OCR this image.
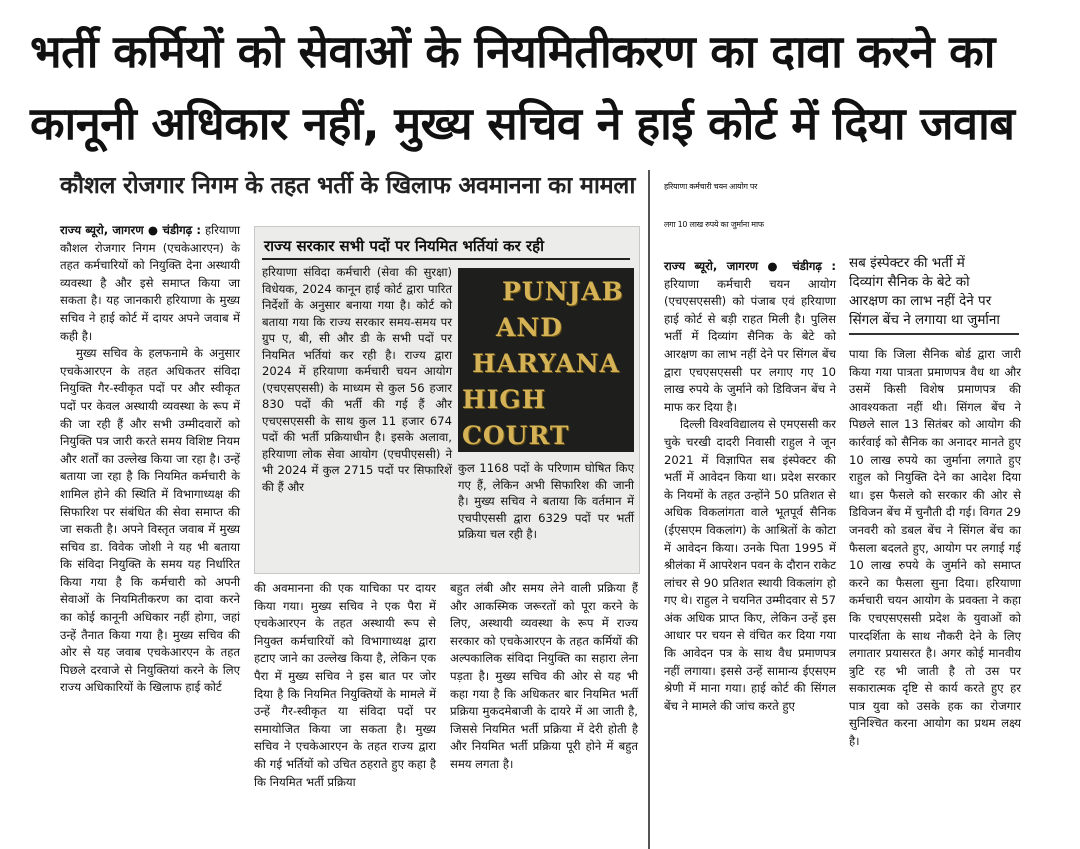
भर्ती कर्मियों को सेवाओं के नियमितीकरण का दावा करने का
कानूनी अधिकार नहीं, मुख्य सचिव ने हाई कोर्ट में दिया जवाब
कौशल रोजगार निगम के तहत भर्ती के खिलाफ अवमानना का मामला

राज्य ब्यूरो, जागरण ● चंडीगढ़ : हरियाणा कौशल रोजगार निगम (एचकेआरएन) के तहत कर्मचारियों को नियुक्ति देना अस्थायी व्यवस्था है और इसे समाप्त किया जा सकता है। यह जानकारी हरियाणा के मुख्य सचिव ने हाई कोर्ट में दायर अपने जवाब में कही है।

मुख्य सचिव के हलफनामे के अनुसार एचकेआरएन के तहत अधिकतर संविदा नियुक्ति गैर-स्वीकृत पदों पर और स्वीकृत पदों पर केवल अस्थायी व्यवस्था के रूप में की जा रही हैं और सभी उम्मीदवारों को नियुक्ति पत्र जारी करते समय विशिष्ट नियम और शर्तों का उल्लेख किया जा रहा है। उन्हें बताया जा रहा है कि नियमित कर्मचारी के शामिल होने की स्थिति में विभागाध्यक्ष की सिफारिश पर संबंधित की सेवा समाप्त की जा सकती है। अपने विस्तृत जवाब में मुख्य सचिव डा. विवेक जोशी ने यह भी बताया कि संविदा नियुक्ति के समय यह निर्धारित किया गया है कि कर्मचारी को अपनी सेवाओं के नियमितीकरण का दावा करने का कोई कानूनी अधिकार नहीं होगा, जहां उन्हें तैनात किया गया है। मुख्य सचिव की ओर से यह जवाब एचकेआरएन के तहत पिछले दरवाजे से नियुक्तियां करने के लिए राज्य अधिकारियों के खिलाफ हाई कोर्ट

की अवमानना की एक याचिका पर दायर किया गया। मुख्य सचिव ने एक पैरा में एचकेआरएन के तहत अस्थायी रूप से नियुक्त कर्मचारियों को विभागाध्यक्ष द्वारा हटाए जाने का उल्लेख किया है, लेकिन एक पैरा में मुख्य सचिव ने इस बात पर जोर दिया है कि नियमित नियुक्तियों के मामले में उन्हें गैर-स्वीकृत या संविदा पदों पर समायोजित किया जा सकता है। मुख्य सचिव ने एचकेआरएन के तहत राज्य द्वारा की गई भर्तियों को उचित ठहराते हुए कहा है कि नियमित भर्ती प्रक्रिया

बहुत लंबी और समय लेने वाली प्रक्रिया हैं और आकस्मिक जरूरतों को पूरा करने के लिए, अस्थायी व्यवस्था के रूप में राज्य सरकार को एचकेआरएन के तहत कर्मियों की अल्पकालिक संविदा नियुक्ति का सहारा लेना पड़ता है। मुख्य सचिव की ओर से यह भी कहा गया है कि अधिकतर बार नियमित भर्ती प्रक्रिया मुकदमेबाजी के दायरे में आ जाती है, जिससे नियमित भर्ती प्रक्रिया में देरी होती है और नियमित भर्ती प्रक्रिया पूरी होने में बहुत समय लगता है।

राज्य सरकार सभी पदों पर नियमित भर्तियां कर रही
हरियाणा संविदा कर्मचारी (सेवा की सुरक्षा) विधेयक, 2024 कानून हाई कोर्ट द्वारा पारित निर्देशों के अनुसार बनाया गया है। कोर्ट को बताया गया कि राज्य सरकार समय-समय पर ग्रुप ए, बी, सी और डी के सभी पदों पर नियमित भर्तियां कर रही है। राज्य द्वारा 2024 में हरियाणा कर्मचारी चयन आयोग (एचएसएससी) के माध्यम से कुल 56 हजार 830 पदों की भर्ती की गई हैं और एचएसएससी के साथ कुल 11 हजार 674 पदों की भर्ती प्रक्रियाधीन है। इसके अलावा, हरियाणा लोक सेवा आयोग (एचपीएससी) ने भी 2024 में कुल 2715 पदों पर सिफारिशें की हैं और
PUNJAB
AND
HARYANA
HIGH COURT
कुल 1168 पदों के परिणाम घोषित किए गए हैं, लेकिन अभी सिफारिश की जानी है। मुख्य सचिव ने बताया कि वर्तमान में एचपीएससी द्वारा 6329 पदों पर भर्ती प्रक्रिया चल रही है।
हरियाणा कर्मचारी चयन आयोग पर
लगा 10 लाख रुपये का जुर्माना माफ

राज्य ब्यूरो, जागरण ● चंडीगढ़ : हरियाणा कर्मचारी चयन आयोग (एचएसएससी) को पंजाब एवं हरियाणा हाई कोर्ट से बड़ी राहत मिली है। पुलिस भर्ती में दिव्यांग सैनिक के बेटे को आरक्षण का लाभ नहीं देने पर सिंगल बेंच द्वारा एचएसएससी पर लगाए गए 10 लाख रुपये के जुर्माने को डिविजन बेंच ने माफ कर दिया है।

दिल्ली विश्वविद्यालय से एमएससी कर चुके चरखी दादरी निवासी राहुल ने जून 2021 में विज्ञापित सब इंस्पेक्टर की भर्ती में आवेदन किया था। प्रदेश सरकार के नियमों के तहत उन्होंने 50 प्रतिशत से अधिक विकलांगता वाले भूतपूर्व सैनिक (ईएसएम विकलांग) के आश्रितों के कोटा में आवेदन किया। उनके पिता 1995 में श्रीलंका में आपरेशन पवन के दौरान राकेट लांचर से 90 प्रतिशत स्थायी विकलांग हो गए थे। राहुल ने चयनित उम्मीदवार से 57 अंक अधिक प्राप्त किए, लेकिन उन्हें इस आधार पर चयन से वंचित कर दिया गया कि आवेदन पत्र के साथ वैध प्रमाणपत्र नहीं लगाया। इससे उन्हें सामान्य ईएसएम श्रेणी में माना गया। हाई कोर्ट की सिंगल बेंच ने मामले की जांच करते हुए

सब इंस्पेक्टर की भर्ती में
दिव्यांग सैनिक के बेटे को
आरक्षण का लाभ नहीं देने पर
सिंगल बेंच ने लगाया था जुर्माना

पाया कि जिला सैनिक बोर्ड द्वारा जारी किया गया पात्रता प्रमाणपत्र वैध था और उसमें किसी विशेष प्रमाणपत्र की आवश्यकता नहीं थी। सिंगल बेंच ने पिछले साल 13 सितंबर को आयोग की कार्रवाई को सैनिक का अनादर मानते हुए 10 लाख रुपये का जुर्माना लगाते हुए राहुल को नियुक्ति देने का आदेश दिया था। इस फैसले को सरकार की ओर से डिविजन बेंच में चुनौती दी गई। विगत 29 जनवरी को डबल बेंच ने सिंगल बेंच का फैसला बदलते हुए, आयोग पर लगाई गई 10 लाख रुपये के जुर्माने को समाप्त करने का फैसला सुना दिया। हरियाणा कर्मचारी चयन आयोग के प्रवक्ता ने कहा कि एचएसएससी प्रदेश के युवाओं को पारदर्शिता के साथ नौकरी देने के लिए लगातार प्रयासरत है। अगर कोई मानवीय त्रुटि रह भी जाती है तो उस पर सकारात्मक दृष्टि से कार्य करते हुए हर पात्र युवा को उसके हक का रोजगार सुनिश्चित करना आयोग का प्रथम लक्ष्य है।
